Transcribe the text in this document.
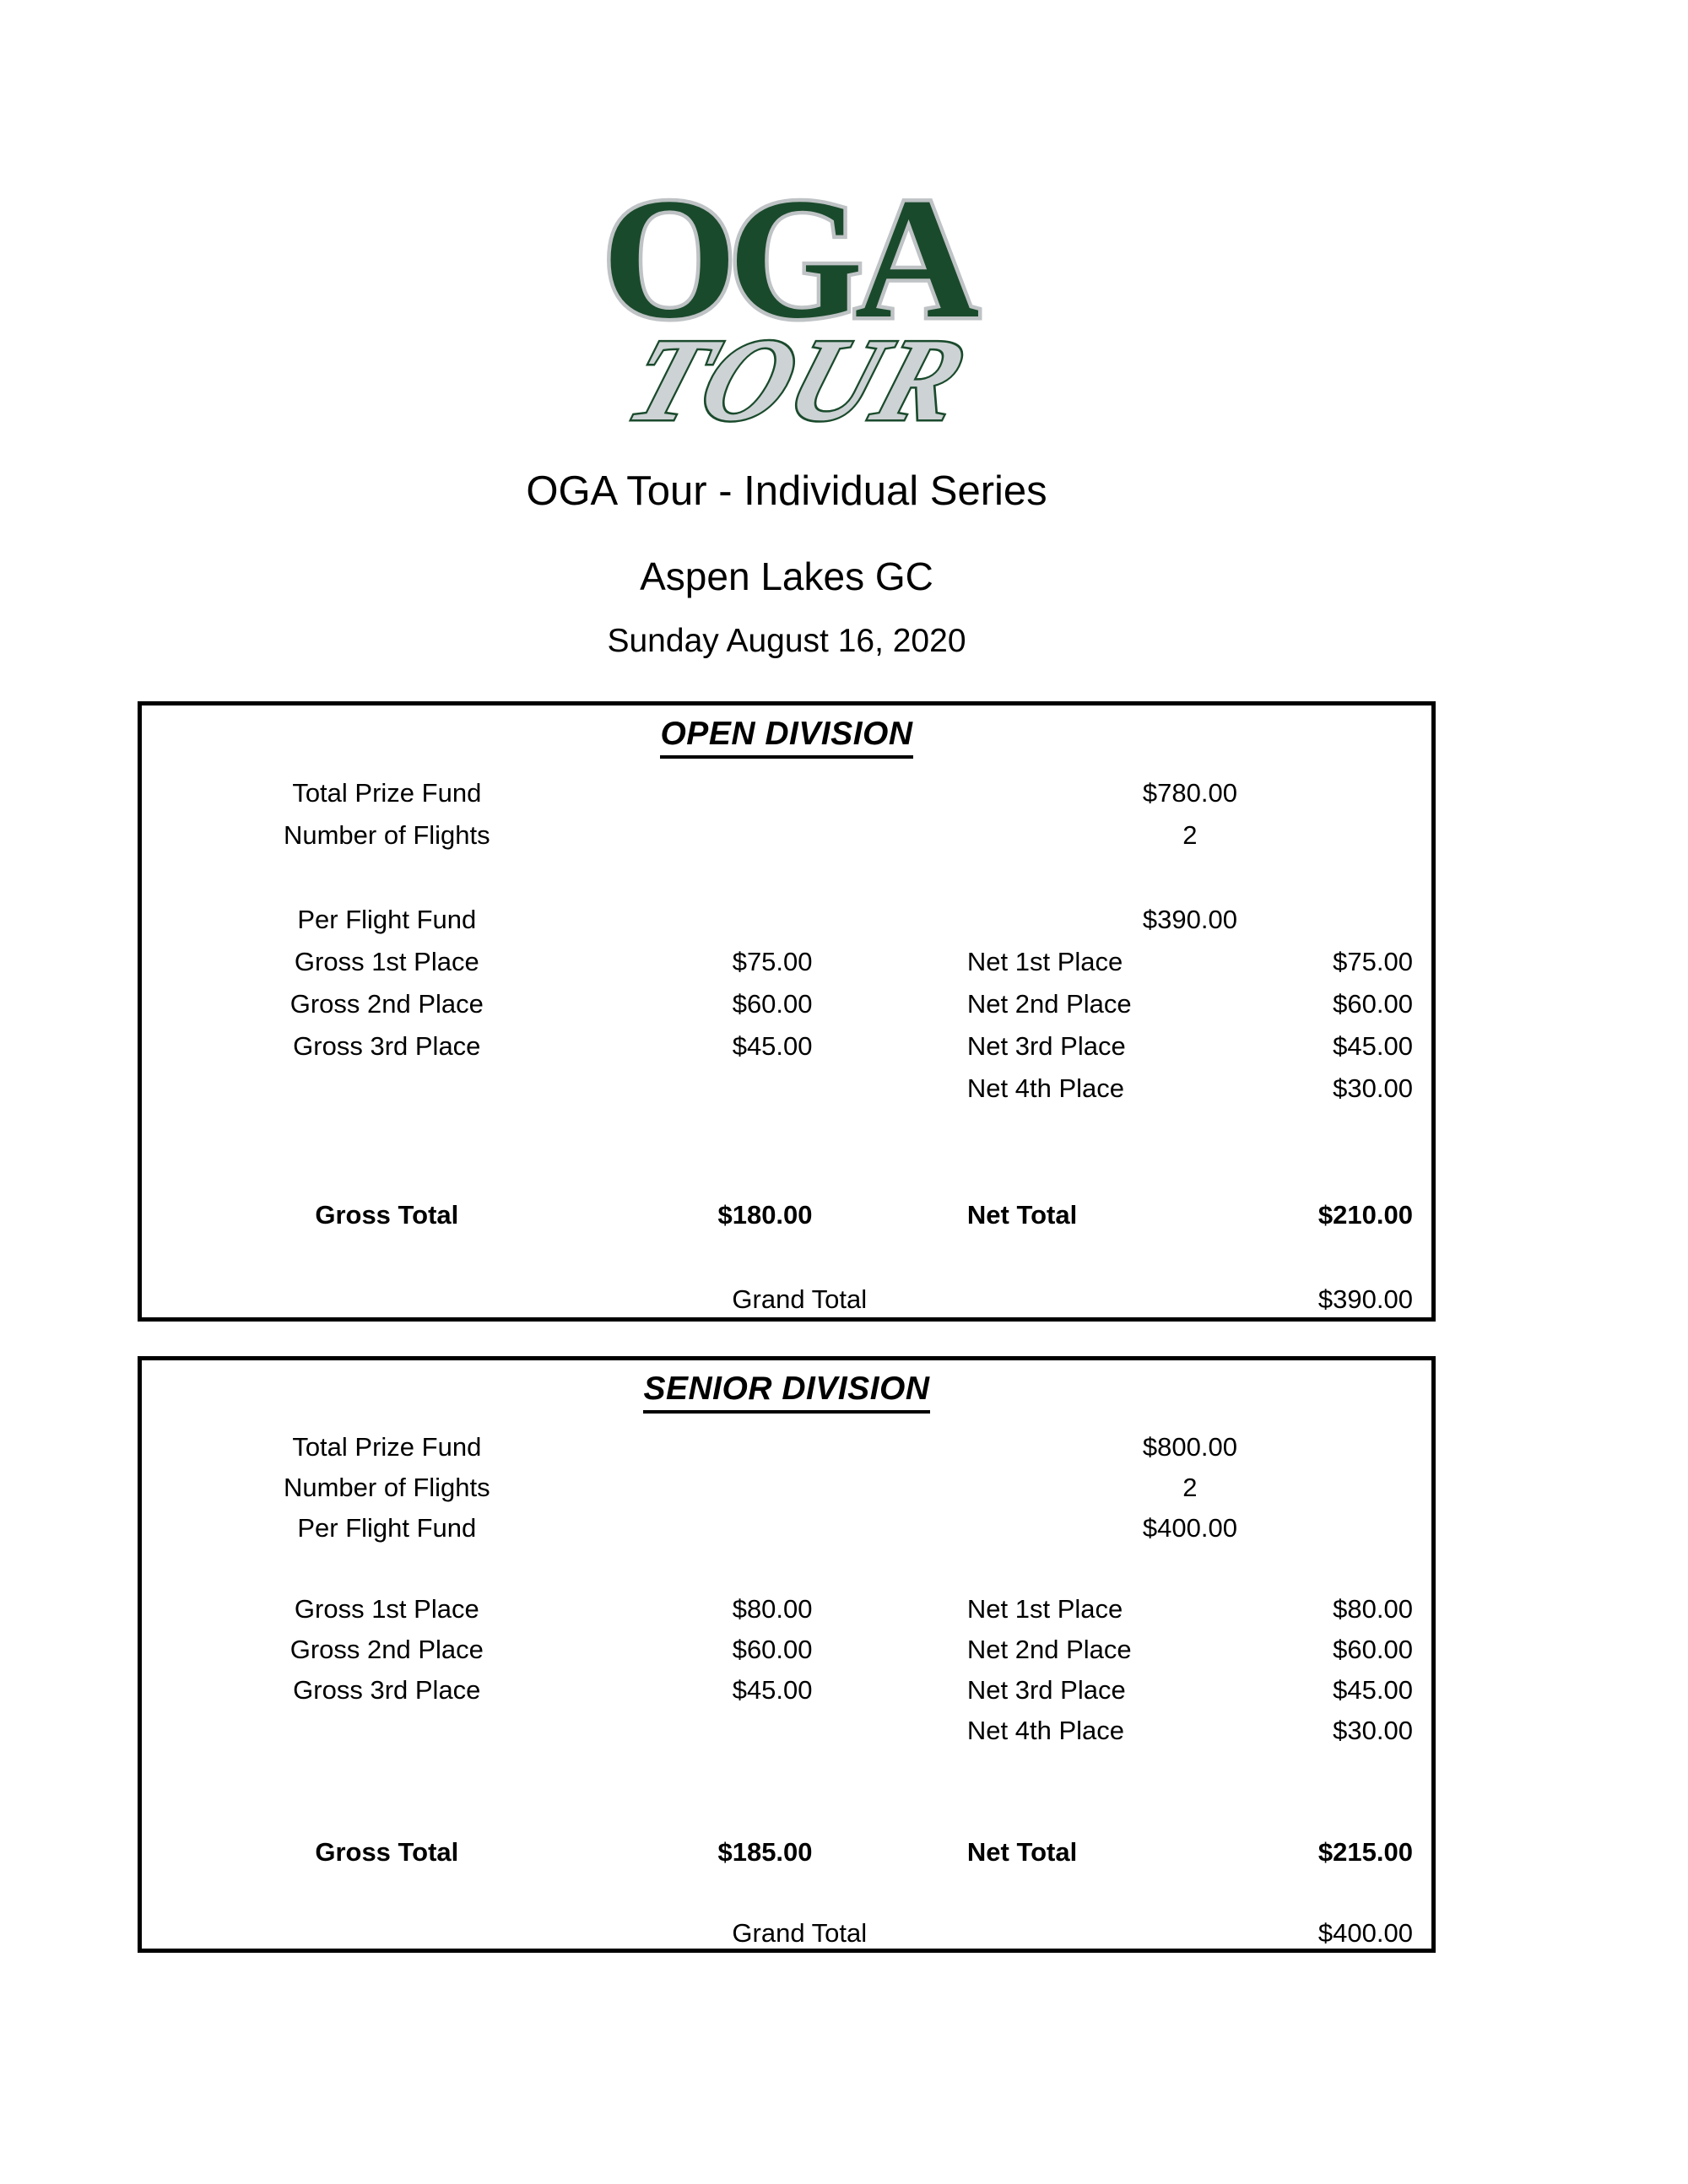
OGA
TOUR
OGA Tour - Individual Series
Aspen Lakes GC
Sunday August 16, 2020
OPEN DIVISION
Total Prize Fund	$780.00
Number of Flights	2
Per Flight Fund	$390.00
Gross 1st Place	$75.00	Net 1st Place	$75.00
Gross 2nd Place	$60.00	Net 2nd Place	$60.00
Gross 3rd Place	$45.00	Net 3rd Place	$45.00
Net 4th Place	$30.00
Gross Total	$180.00	Net Total	$210.00
Grand Total	$390.00
SENIOR DIVISION
Total Prize Fund	$800.00
Number of Flights	2
Per Flight Fund	$400.00
Gross 1st Place	$80.00	Net 1st Place	$80.00
Gross 2nd Place	$60.00	Net 2nd Place	$60.00
Gross 3rd Place	$45.00	Net 3rd Place	$45.00
Net 4th Place	$30.00
Gross Total	$185.00	Net Total	$215.00
Grand Total	$400.00
